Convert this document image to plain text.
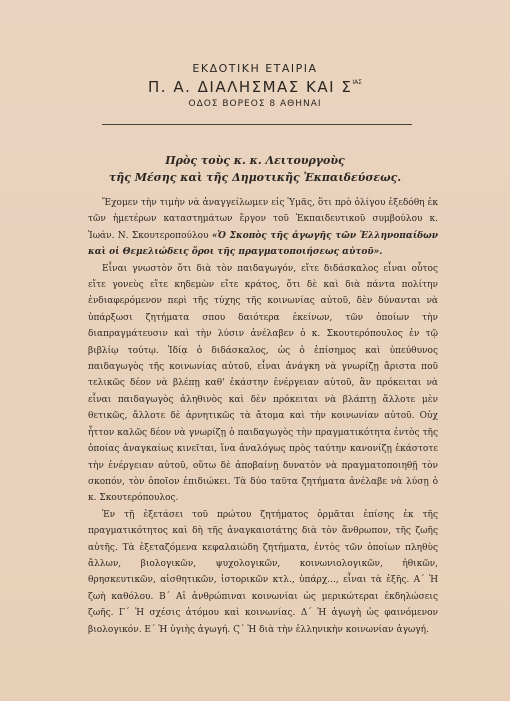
ΕΚΔΟΤΙΚΗ ΕΤΑΙΡΙΑ
Π. Α. ΔΙΑΛΗΣΜΑΣ ΚΑΙ $\Sigma^{IA\Sigma}$
ΟΔΟΣ ΒΟΡΕΟΣ 8 ΑΘΗΝΑΙ
Πρὸς τοὺς κ. κ. Λειτουργοὺς
τῆς Μέσης καὶ τῆς Δημοτικῆς Ἐκπαιδεύσεως.

Ἔχομεν τὴν τιμὴν νὰ ἀναγγείλωμεν εἰς Ὑμᾶς, ὅτι πρὸ ὀλίγου ἐξεδόθη ἐκ τῶν ἡμετέρων καταστημάτων ἔργον τοῦ Ἐκπαιδευτικοῦ συμβούλου κ. Ἰωάν. Ν. Σκουτεροπούλου «Ὁ Σκοπὸς τῆς ἀγωγῆς τῶν Ἑλληνοπαίδων καὶ οἱ Θεμελιώδεις ὅροι τῆς πραγματοποιήσεως αὐτοῦ».

Εἶναι γνωστὸν ὅτι διὰ τὸν παιδαγωγόν, εἴτε διδάσκαλος εἶναι οὗτος εἴτε γονεὺς εἴτε κηδεμὼν εἴτε κράτος, ὅτι δὲ καὶ διὰ πάντα πολίτην ἐνδιαφερόμενον περὶ τῆς τύχης τῆς κοινωνίας αὐτοῦ, δὲν δύνανται νὰ ὑπάρξωσι ζητήματα σπου δαιότερα ἐκείνων, τῶν ὁποίων τὴν διαπραγμάτευσιν καὶ τὴν λύσιν ἀνέλαβεν ὁ κ. Σκουτερόπουλος ἐν τῷ βιβλίῳ τούτῳ. Ἰδίᾳ ὁ διδάσκαλος, ὡς ὁ ἐπίσημος καὶ ὑπεύθυνος παιδαγωγὸς τῆς κοινωνίας αὐτοῦ, εἶναι ἀνάγκη νὰ γνωρίζῃ ἄριστα ποῦ τελικῶς δέον νὰ βλέπῃ καθ' ἑκάστην ἐνέργειαν αὐτοῦ, ἂν πρόκειται νὰ εἶναι παιδαγωγὸς ἀληθινὸς καὶ δὲν πρόκειται νὰ βλάπτῃ ἄλλοτε μὲν θετικῶς, ἄλλοτε δὲ ἀρνητικῶς τὰ ἄτομα καὶ τὴν κοινωνίαν αὐτοῦ. Οὐχ ἧττον καλῶς δέον νὰ γνωρίζῃ ὁ παιδαγωγὸς τὴν πραγματικότητα ἐντὸς τῆς ὁποίας ἀναγκαίως κινεῖται, ἵνα ἀναλόγως πρὸς ταύτην κανονίζῃ ἑκάστοτε τὴν ἐνέργειαν αὐτοῦ, οὕτω δὲ ἀποβαίνῃ δυνατὸν νὰ πραγματοποιηθῇ τὸν σκοπόν, τὸν ὁποῖον ἐπιδιώκει. Τὰ δύο ταῦτα ζητήματα ἀνέλαβε νὰ λύσῃ ὁ κ. Σκουτερόπουλος.

Ἐν τῇ ἐξετάσει τοῦ πρώτου ζητήματος ὁρμᾶται ἐπίσης ἐκ τῆς πραγματικότητος καὶ δὴ τῆς ἀναγκαιοτάτης διὰ τὸν ἄνθρωπον, τῆς ζωῆς αὐτῆς. Τὰ ἐξεταζόμενα κεφαλαιώδη ζητήματα, ἐντὸς τῶν ὁποίων πληθὺς ἄλλων, βιολογικῶν, ψυχολογικῶν, κοινωνιολογικῶν, ἠθικῶν, θρησκευτικῶν, αἰσθητικῶν, ἱστορικῶν κτλ., ὑπάρχ..., εἶναι τὰ ἑξῆς. Α΄ Ἡ ζωὴ καθόλου. Β΄ Αἱ ἀνθρώπιναι κοινωνίαι ὡς μερικώτεραι ἐκδηλώσεις ζωῆς. Γ΄ Ἡ σχέσις ἀτόμου καὶ κοινωνίας. Δ΄ Ἡ ἀγωγὴ ὡς φαινόμενον βιολογικόν. Ε΄ Ἡ ὑγιὴς ἀγωγή. Ϛ΄ Ἡ διὰ τὴν ἑλληνικὴν κοινωνίαν ἀγωγή.
